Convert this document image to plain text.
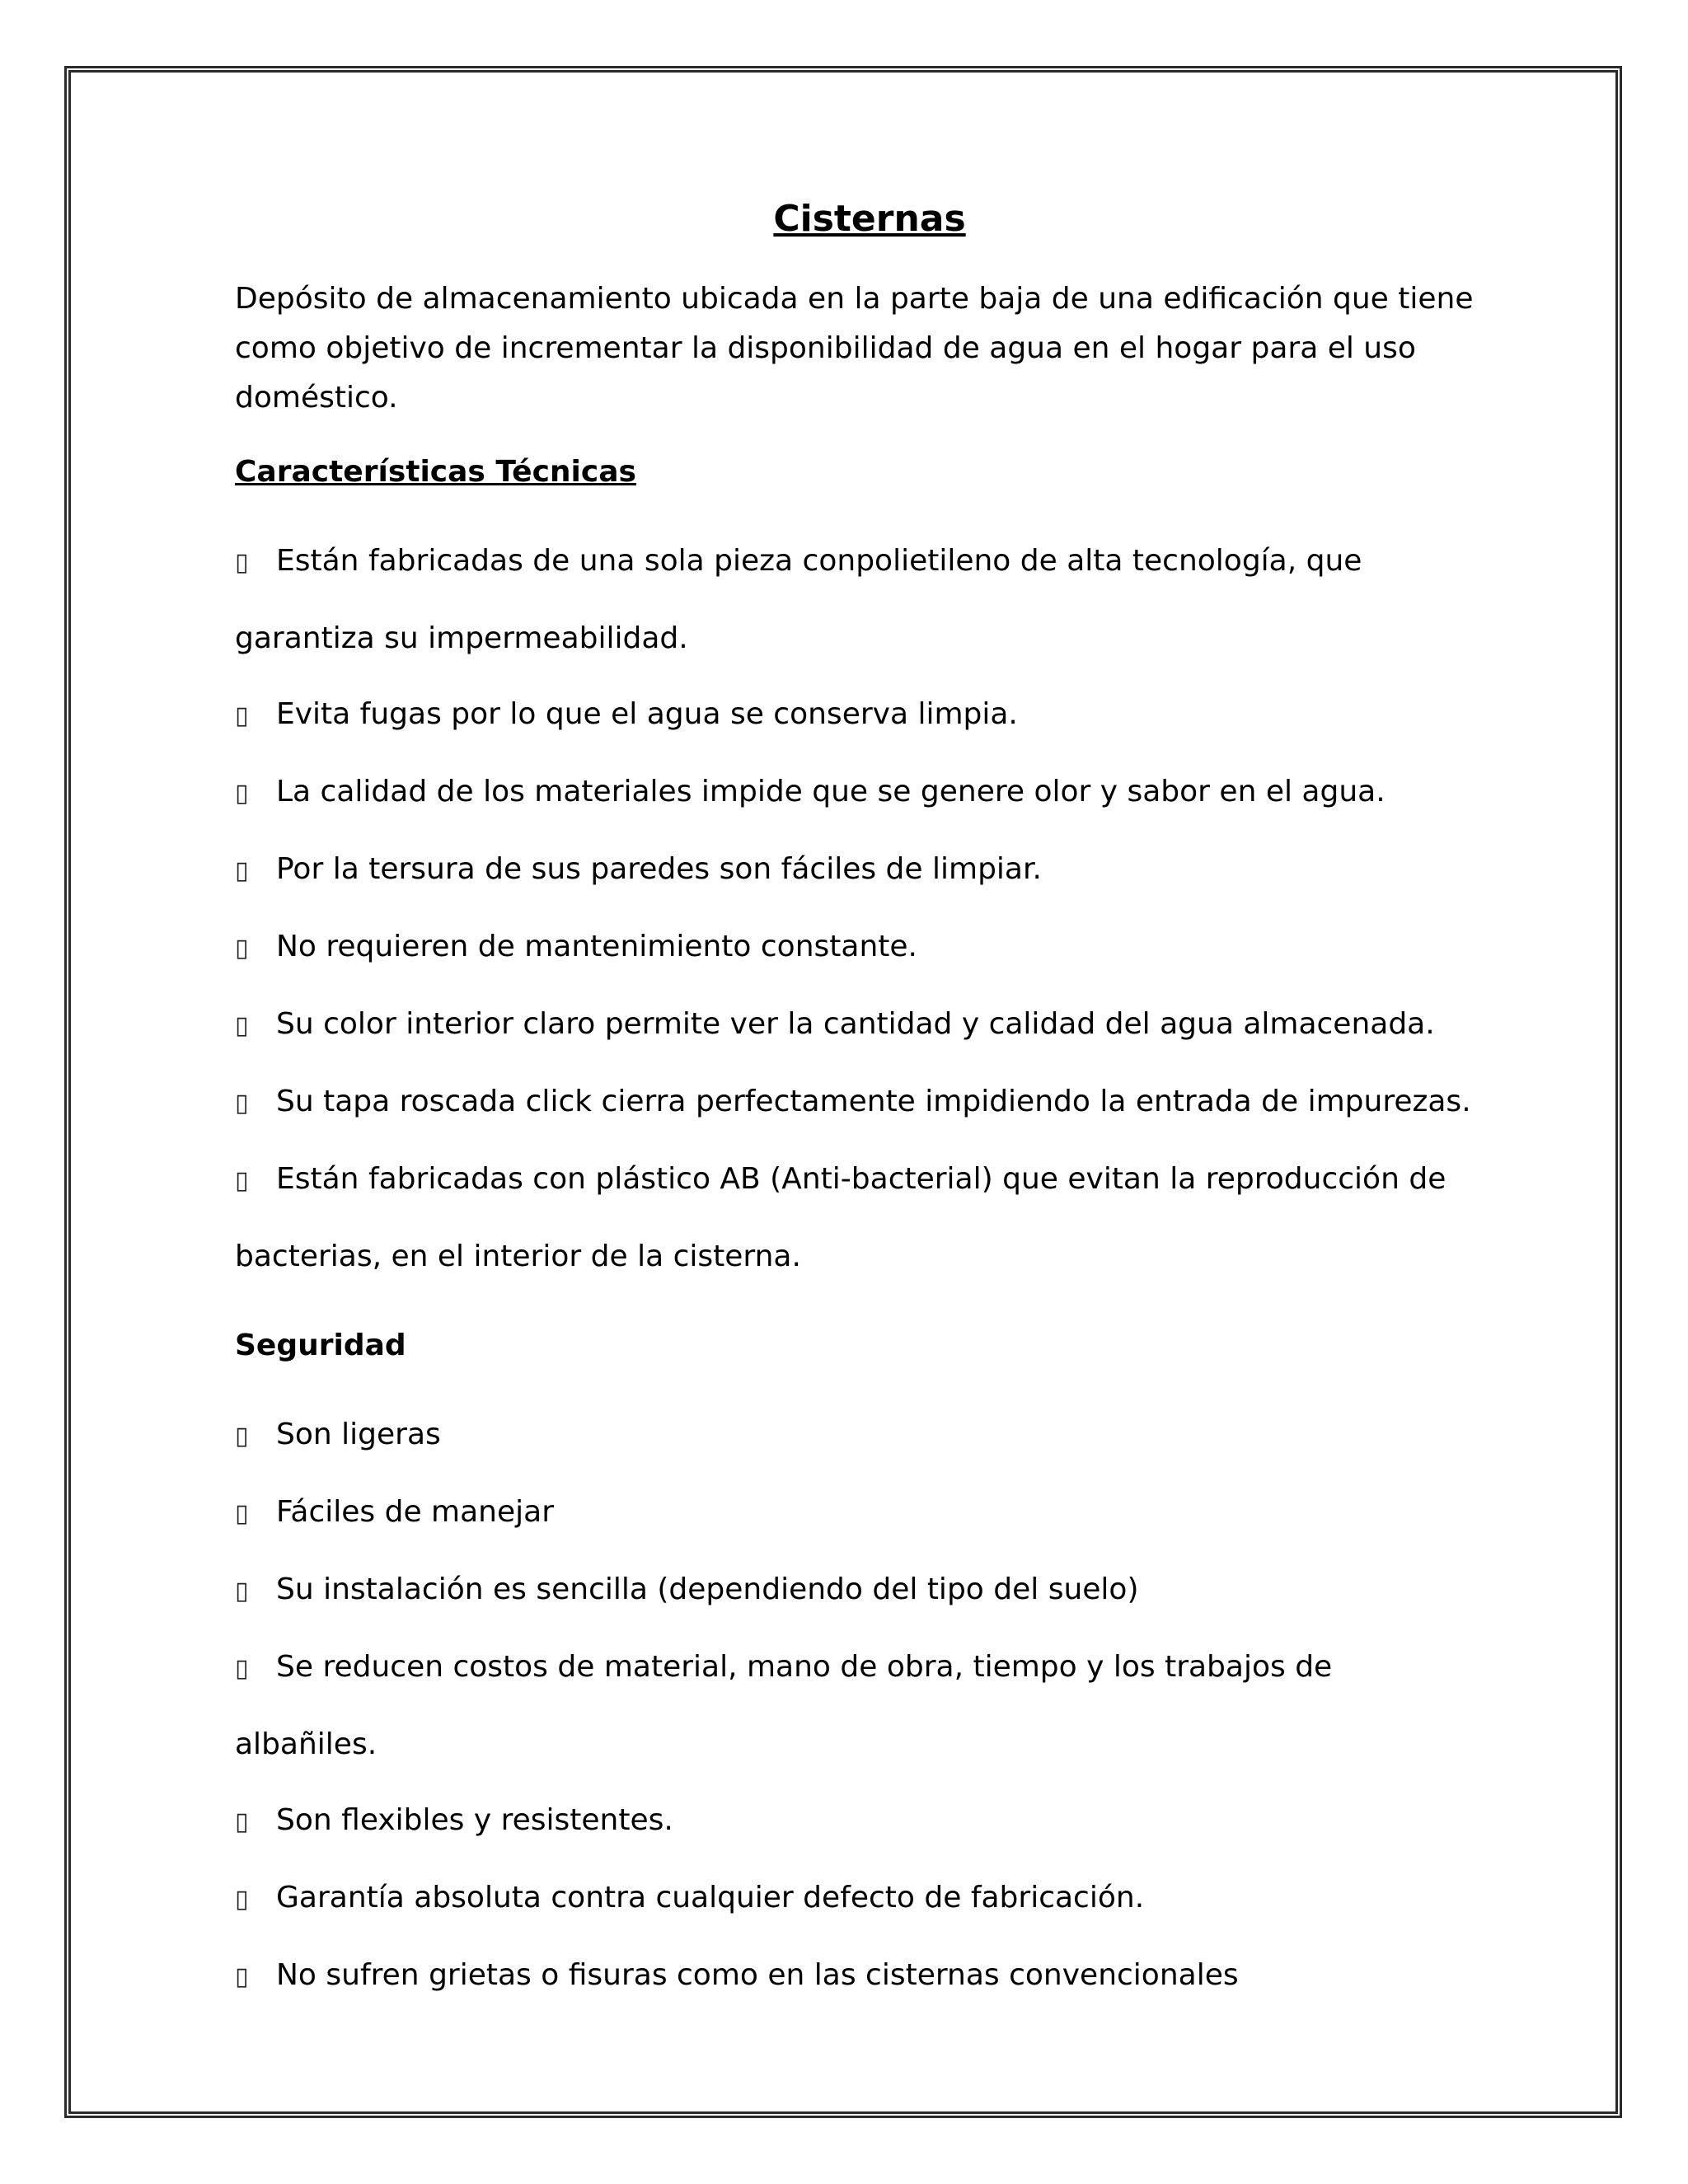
Cisternas

Depósito de almacenamiento ubicada en la parte baja de una edificación que tiene como objetivo de incrementar la disponibilidad de agua en el hogar para el uso doméstico.

Características Técnicas
▯ Están fabricadas de una sola pieza conpolietileno de alta tecnología, que garantiza su impermeabilidad.
▯ Evita fugas por lo que el agua se conserva limpia.
▯ La calidad de los materiales impide que se genere olor y sabor en el agua.
▯ Por la tersura de sus paredes son fáciles de limpiar.
▯ No requieren de mantenimiento constante.
▯ Su color interior claro permite ver la cantidad y calidad del agua almacenada.
▯ Su tapa roscada click cierra perfectamente impidiendo la entrada de impurezas.
▯ Están fabricadas con plástico AB (Anti-bacterial) que evitan la reproducción de bacterias, en el interior de la cisterna.
Seguridad
▯ Son ligeras
▯ Fáciles de manejar
▯ Su instalación es sencilla (dependiendo del tipo del suelo)
▯ Se reducen costos de material, mano de obra, tiempo y los trabajos de albañiles.
▯ Son flexibles y resistentes.
▯ Garantía absoluta contra cualquier defecto de fabricación.
▯ No sufren grietas o fisuras como en las cisternas convencionales
